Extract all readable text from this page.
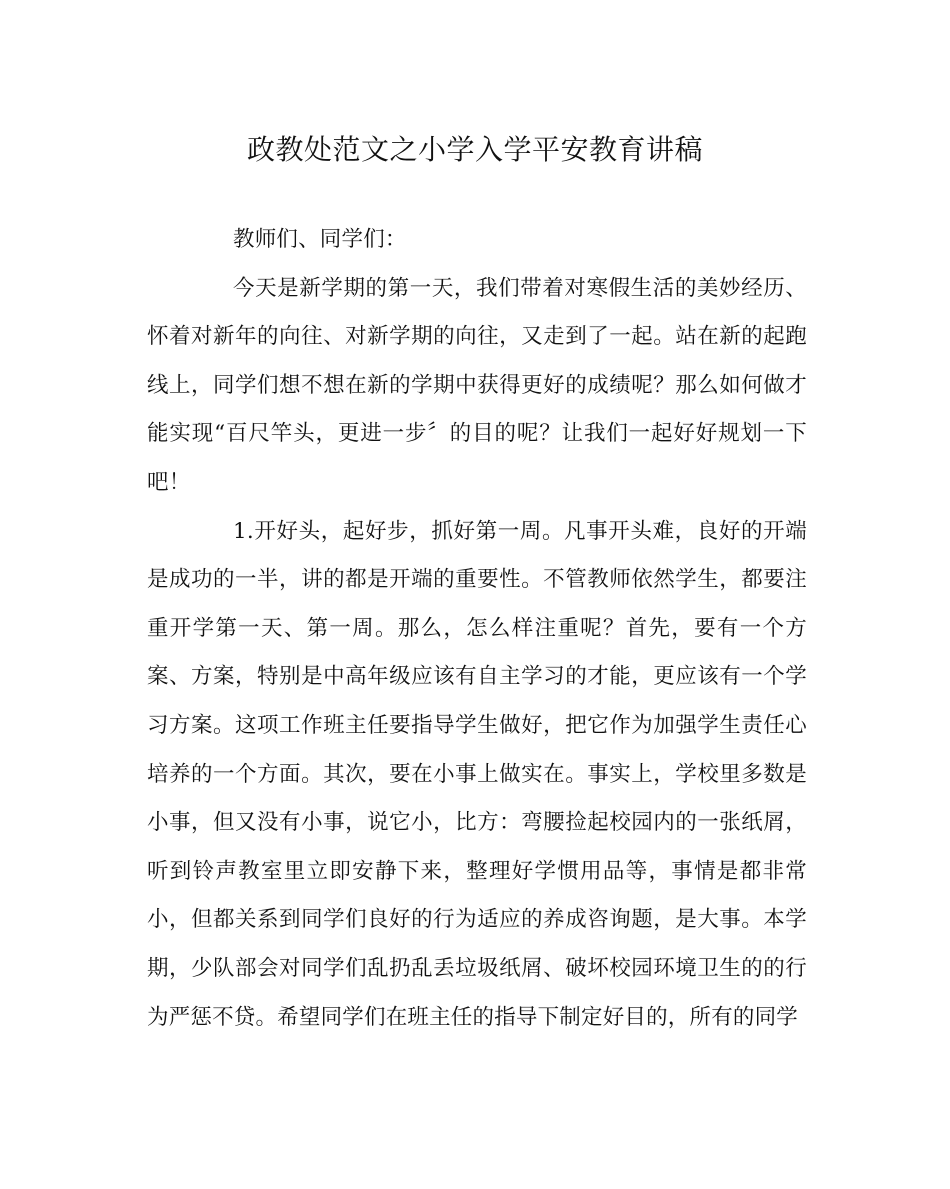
政教处范文之小学入学平安教育讲稿

教师们、同学们：

今天是新学期的第一天，我们带着对寒假生活的美妙经历、怀着对新年的向往、对新学期的向往，又走到了一起。站在新的起跑线上，同学们想不想在新的学期中获得更好的成绩呢？那么如何做才能实现“百尺竿头，更进一步〞的目的呢？让我们一起好好规划一下吧！

1.开好头，起好步，抓好第一周。凡事开头难，良好的开端是成功的一半，讲的都是开端的重要性。不管教师依然学生，都要注重开学第一天、第一周。那么，怎么样注重呢？首先，要有一个方案、方案，特别是中高年级应该有自主学习的才能，更应该有一个学习方案。这项工作班主任要指导学生做好，把它作为加强学生责任心培养的一个方面。其次，要在小事上做实在。事实上，学校里多数是小事，但又没有小事，说它小，比方：弯腰捡起校园内的一张纸屑，听到铃声教室里立即安静下来，整理好学惯用品等，事情是都非常小，但都关系到同学们良好的行为适应的养成咨询题，是大事。本学期，少队部会对同学们乱扔乱丢垃圾纸屑、破坏校园环境卫生的的行为严惩不贷。希望同学们在班主任的指导下制定好目的，所有的同学
